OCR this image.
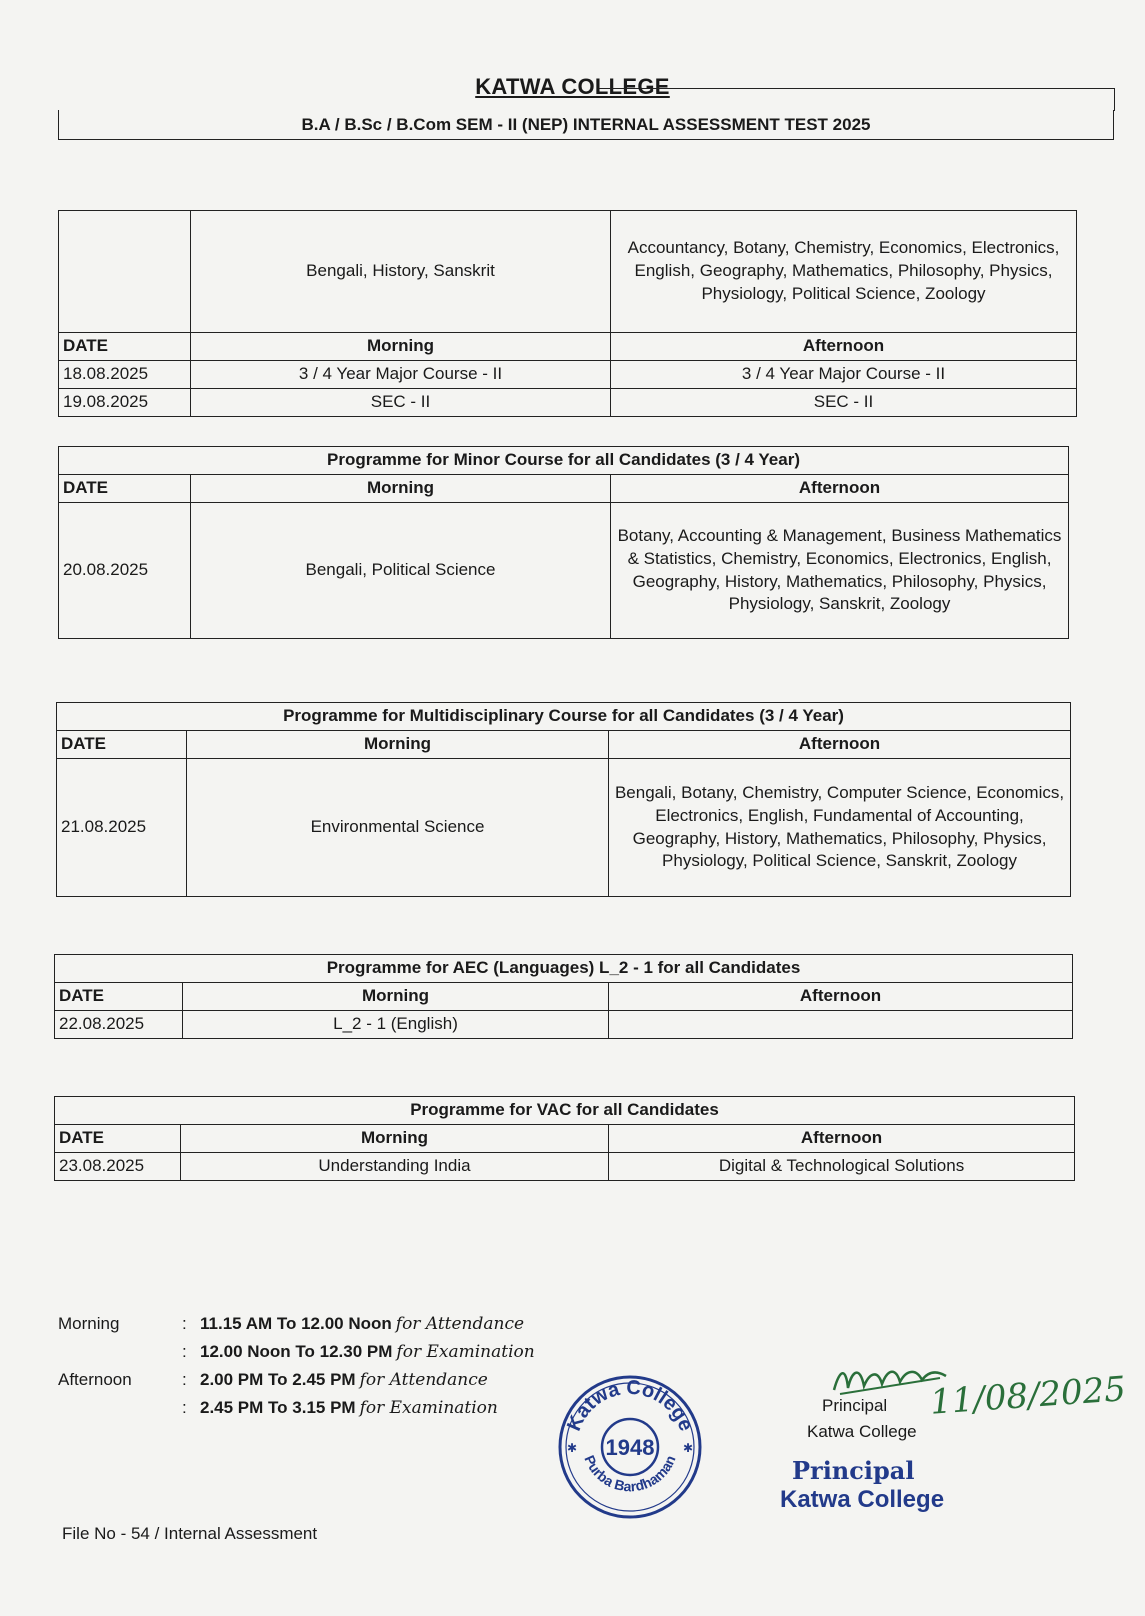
KATWA COLLEGE
B.A / B.Sc / B.Com SEM - II (NEP) INTERNAL ASSESSMENT TEST 2025
	Bengali, History, Sanskrit	Accountancy, Botany, Chemistry, Economics, Electronics, English, Geography, Mathematics, Philosophy, Physics, Physiology, Political Science, Zoology
DATE	Morning	Afternoon
18.08.2025	3 / 4 Year Major Course - II	3 / 4 Year Major Course - II
19.08.2025	SEC - II	SEC - II
Programme for Minor Course for all Candidates (3 / 4 Year)		
DATE	Morning	Afternoon
20.08.2025	Bengali, Political Science	Botany, Accounting & Management, Business Mathematics & Statistics, Chemistry, Economics, Electronics, English, Geography, History, Mathematics, Philosophy, Physics, Physiology, Sanskrit, Zoology
Programme for Multidisciplinary Course for all Candidates (3 / 4 Year)		
DATE	Morning	Afternoon
21.08.2025	Environmental Science	Bengali, Botany, Chemistry, Computer Science, Economics, Electronics, English, Fundamental of Accounting, Geography, History, Mathematics, Philosophy, Physics, Physiology, Political Science, Sanskrit, Zoology
Programme for AEC (Languages) L_2 - 1 for all Candidates		
DATE	Morning	Afternoon
22.08.2025	L_2 - 1 (English)	
Programme for VAC for all Candidates		
DATE	Morning	Afternoon
23.08.2025	Understanding India	Digital & Technological Solutions
Morning	: 11.15 AM To 12.00 Noon for Attendance
: 12.00 Noon To 12.30 PM for Examination
Afternoon	: 2.00 PM To 2.45 PM for Attendance
: 2.45 PM To 3.15 PM for Examination
Katwa College
Purba Bardhaman
1948
✱	✱
Principal
Katwa College
11/08/2025
Principal
Katwa College
File No - 54 / Internal Assessment
